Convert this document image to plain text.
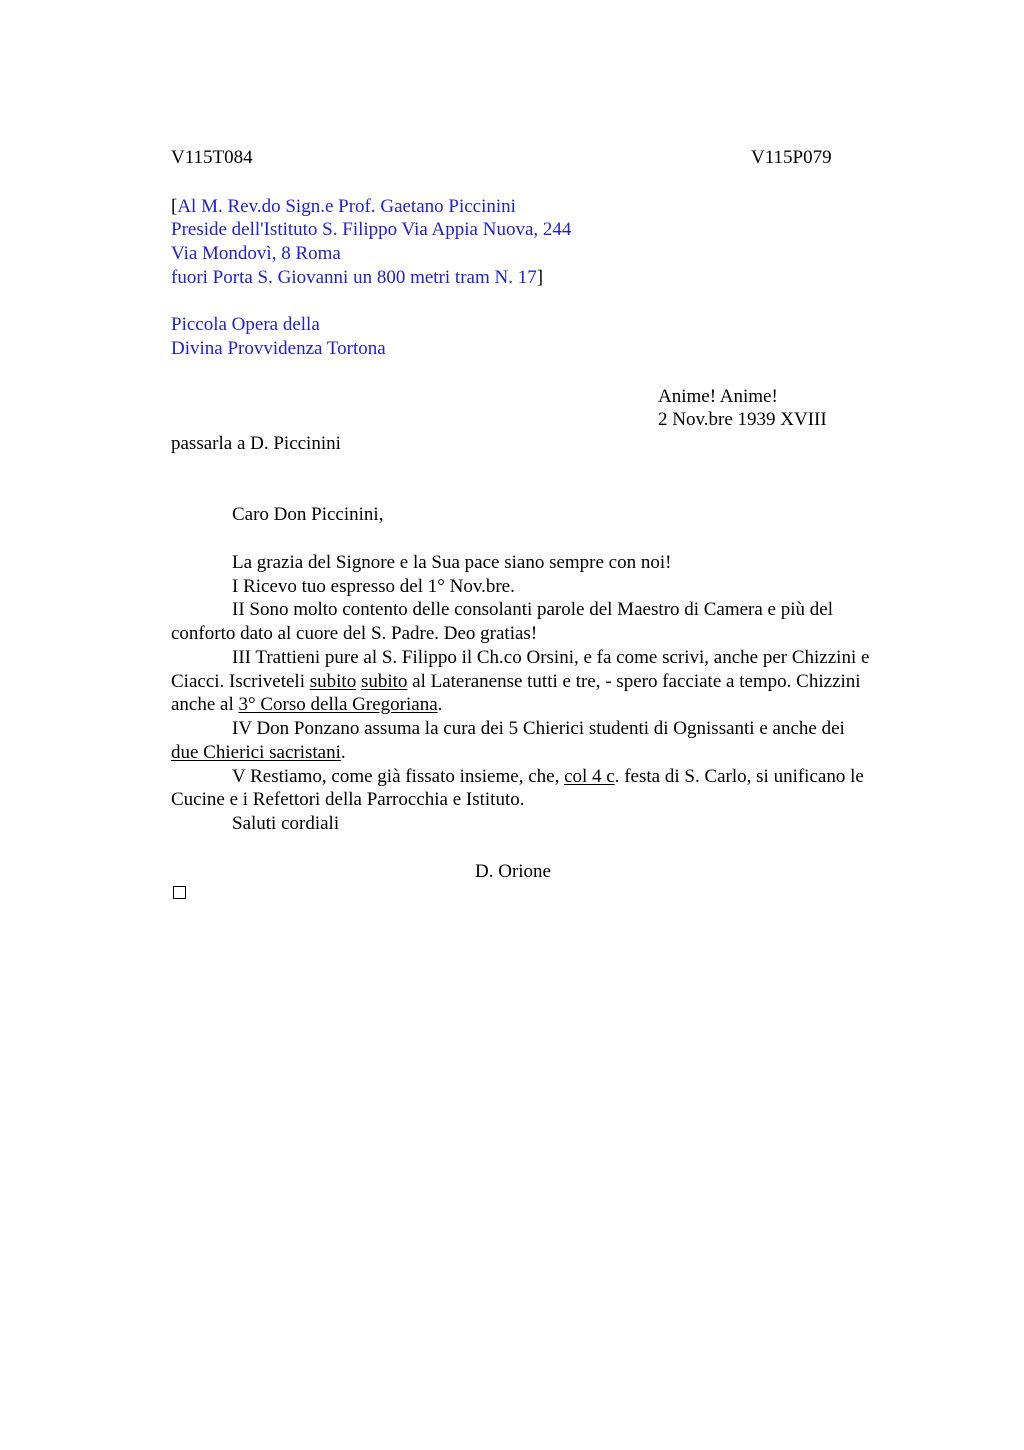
V115T084	V115P079
[Al M. Rev.do Sign.e Prof. Gaetano Piccinini
Preside dell'Istituto S. Filippo Via Appia Nuova, 244
Via Mondovì, 8 Roma
fuori Porta S. Giovanni un 800 metri tram N. 17]
Piccola Opera della
Divina Provvidenza Tortona
Anime! Anime!
2 Nov.bre 1939 XVIII
passarla a D. Piccinini
Caro Don Piccinini,
La grazia del Signore e la Sua pace siano sempre con noi!
I Ricevo tuo espresso del 1° Nov.bre.
II Sono molto contento delle consolanti parole del Maestro di Camera e più del
conforto dato al cuore del S. Padre. Deo gratias!
III Trattieni pure al S. Filippo il Ch.co Orsini, e fa come scrivi, anche per Chizzini e
Ciacci. Iscriveteli subito subito al Lateranense tutti e tre, - spero facciate a tempo. Chizzini
anche al 3° Corso della Gregoriana.
IV Don Ponzano assuma la cura dei 5 Chierici studenti di Ognissanti e anche dei
due Chierici sacristani.
V Restiamo, come già fissato insieme, che, col 4 c. festa di S. Carlo, si unificano le
Cucine e i Refettori della Parrocchia e Istituto.
Saluti cordiali
D. Orione
